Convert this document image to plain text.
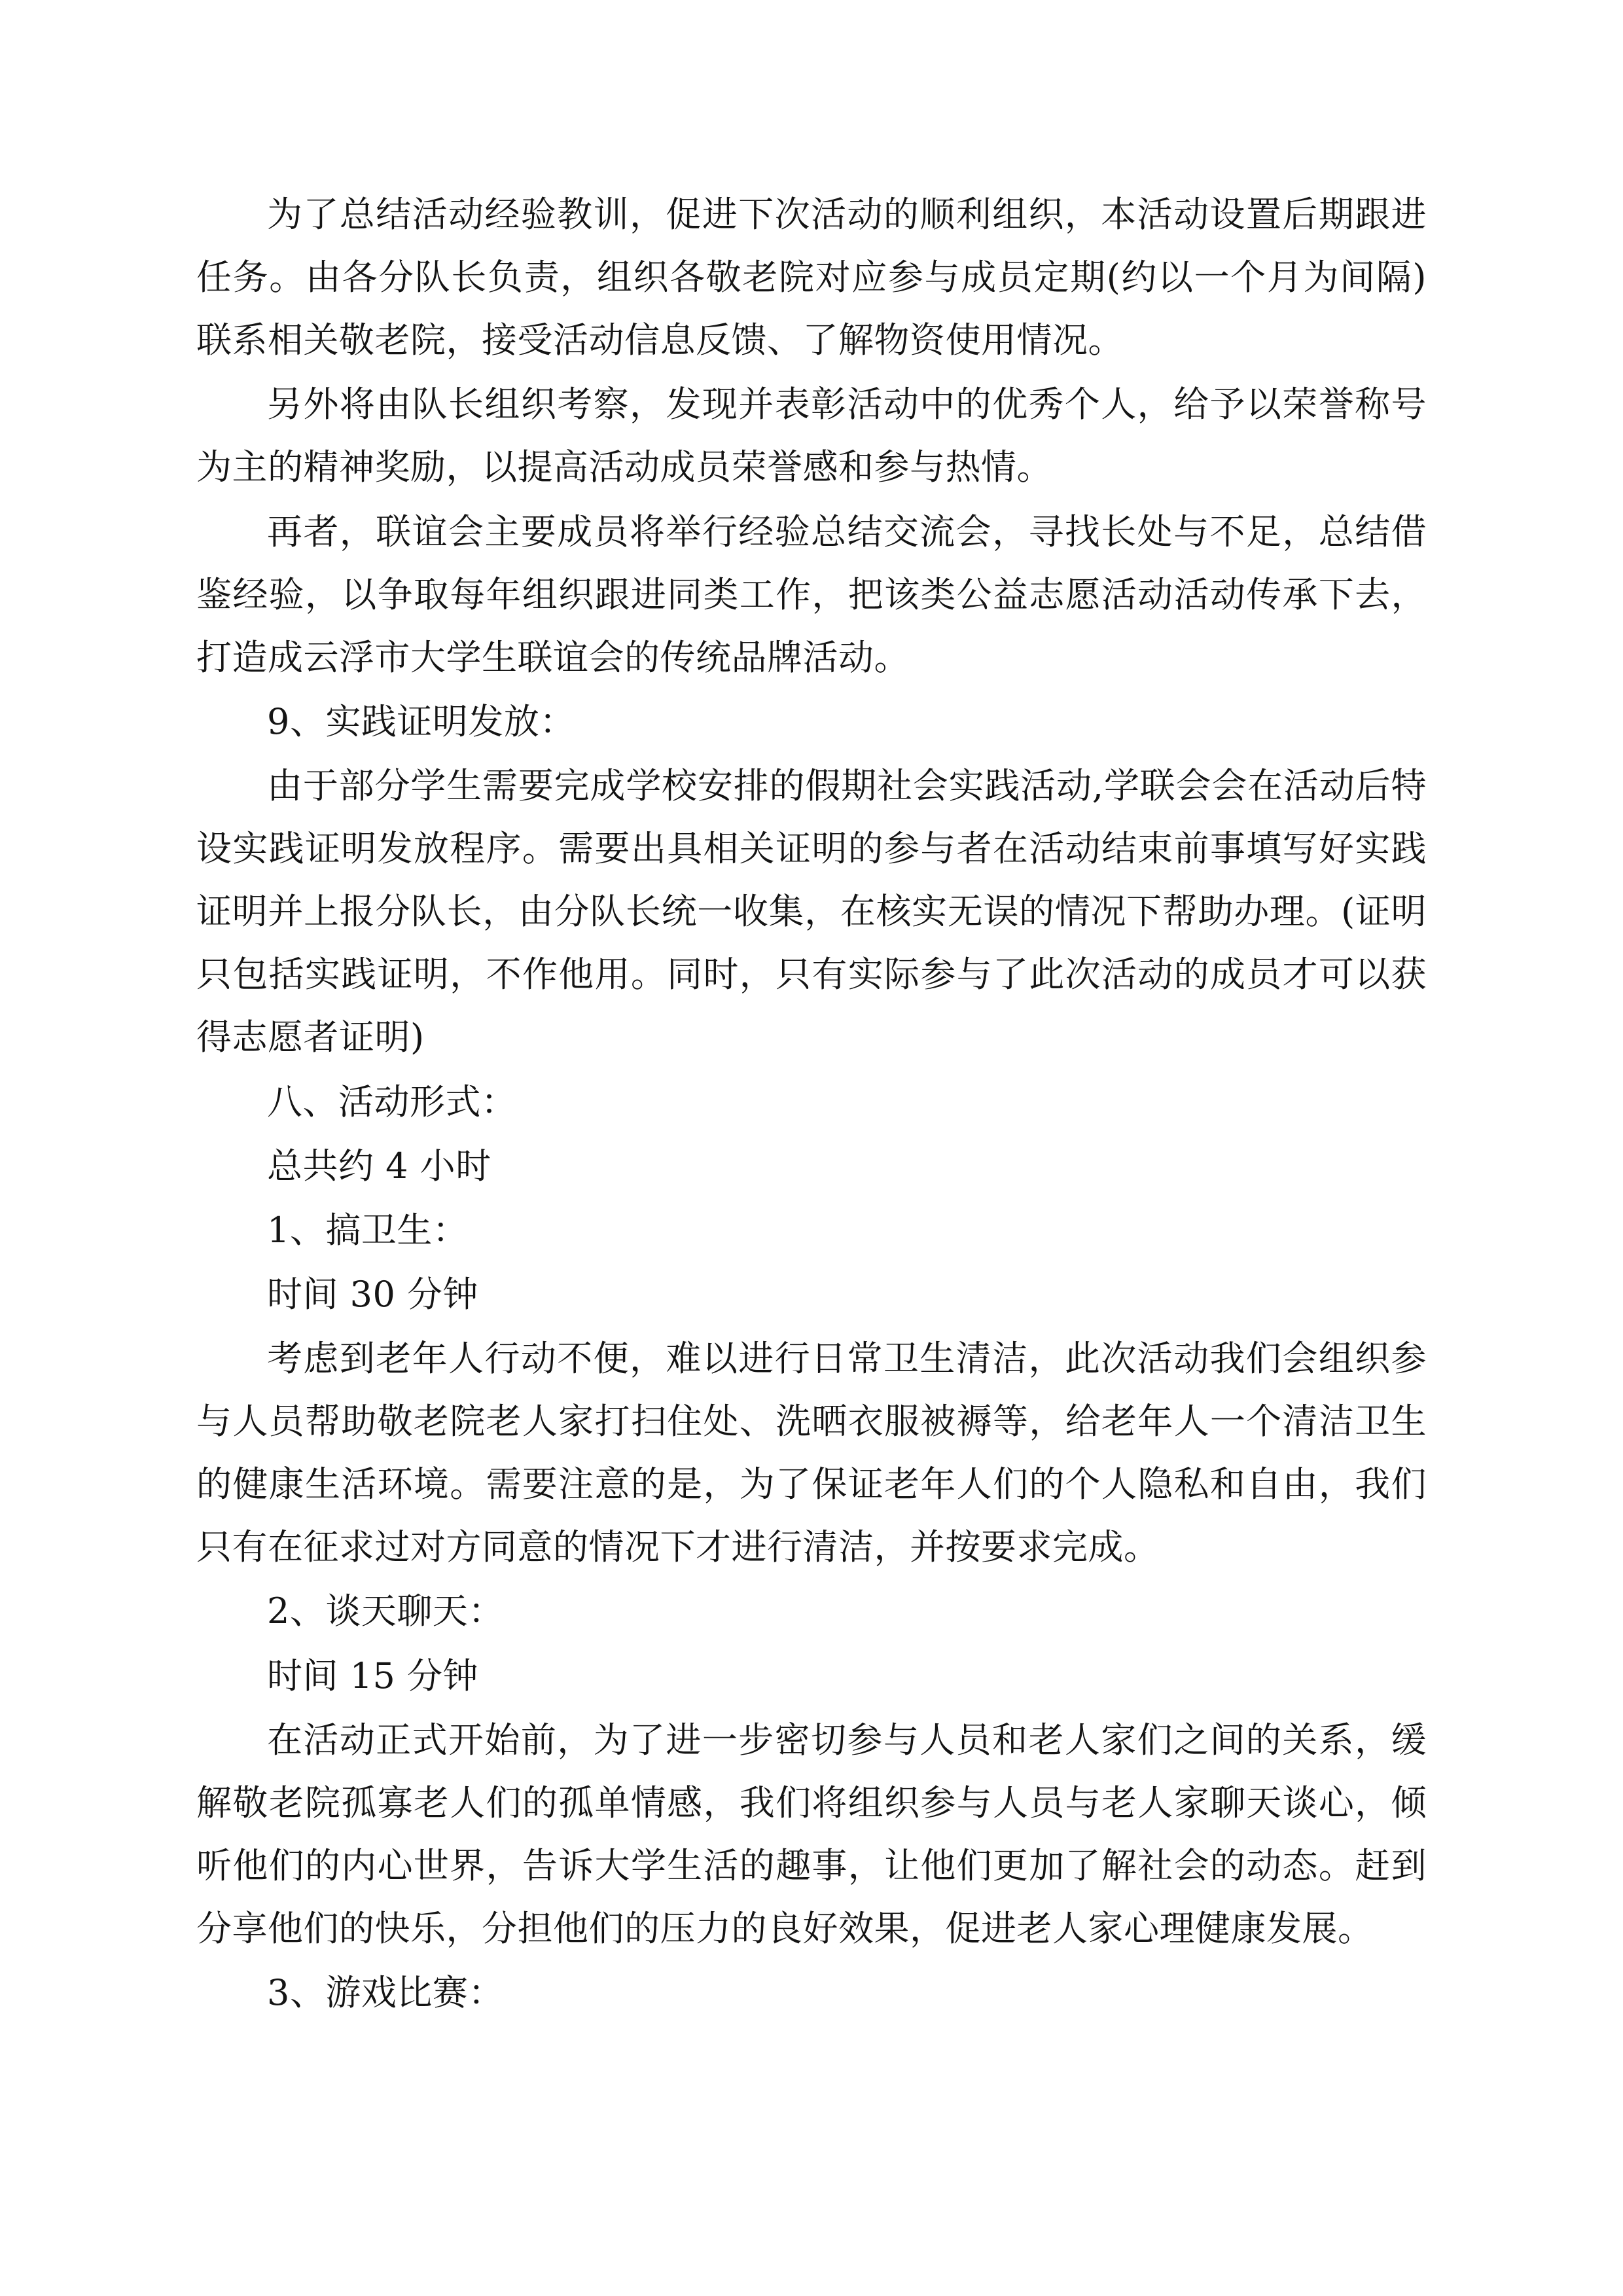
为了总结活动经验教训，促进下次活动的顺利组织，本活动设置后期跟进任务。由各分队长负责，组织各敬老院对应参与成员定期(约以一个月为间隔)联系相关敬老院，接受活动信息反馈、了解物资使用情况。

另外将由队长组织考察，发现并表彰活动中的优秀个人，给予以荣誉称号为主的精神奖励，以提高活动成员荣誉感和参与热情。

再者，联谊会主要成员将举行经验总结交流会，寻找长处与不足，总结借鉴经验，以争取每年组织跟进同类工作，把该类公益志愿活动活动传承下去，打造成云浮市大学生联谊会的传统品牌活动。

9、实践证明发放：

由于部分学生需要完成学校安排的假期社会实践活动,学联会会在活动后特设实践证明发放程序。需要出具相关证明的参与者在活动结束前事填写好实践证明并上报分队长，由分队长统一收集，在核实无误的情况下帮助办理。(证明只包括实践证明，不作他用。同时，只有实际参与了此次活动的成员才可以获得志愿者证明)

八、活动形式：

总共约 4 小时

1、搞卫生：

时间 30 分钟

考虑到老年人行动不便，难以进行日常卫生清洁，此次活动我们会组织参与人员帮助敬老院老人家打扫住处、洗晒衣服被褥等，给老年人一个清洁卫生的健康生活环境。需要注意的是，为了保证老年人们的个人隐私和自由，我们只有在征求过对方同意的情况下才进行清洁，并按要求完成。

2、谈天聊天：

时间 15 分钟

在活动正式开始前，为了进一步密切参与人员和老人家们之间的关系，缓解敬老院孤寡老人们的孤单情感，我们将组织参与人员与老人家聊天谈心，倾听他们的内心世界，告诉大学生活的趣事，让他们更加了解社会的动态。赶到分享他们的快乐，分担他们的压力的良好效果，促进老人家心理健康发展。

3、游戏比赛：
